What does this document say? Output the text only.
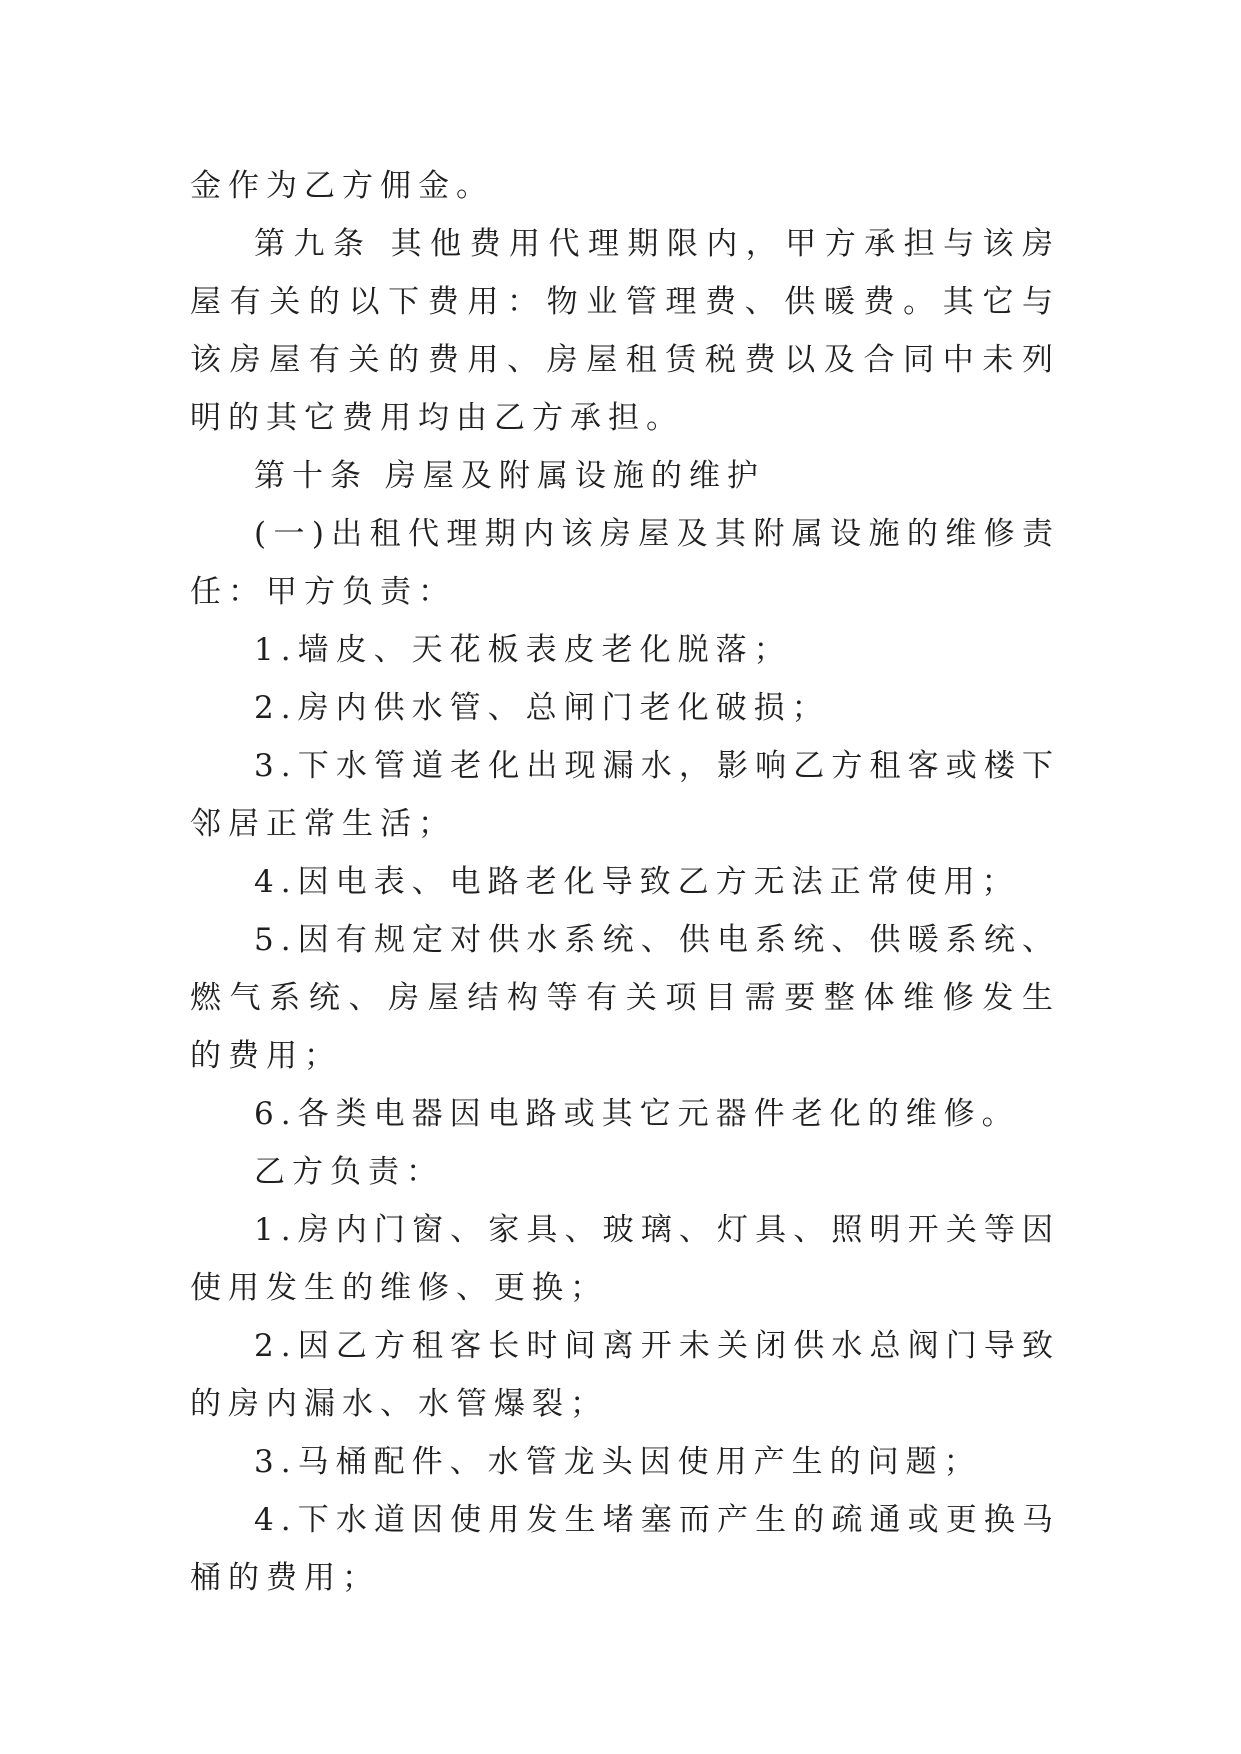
金作为乙方佣金。

第九条 其他费用代理期限内，甲方承担与该房屋有关的以下费用：物业管理费、供暖费。其它与该房屋有关的费用、房屋租赁税费以及合同中未列明的其它费用均由乙方承担。

第十条 房屋及附属设施的维护

(一)出租代理期内该房屋及其附属设施的维修责任：甲方负责：

1.墙皮、天花板表皮老化脱落；

2.房内供水管、总闸门老化破损；

3.下水管道老化出现漏水，影响乙方租客或楼下邻居正常生活；

4.因电表、电路老化导致乙方无法正常使用；

5.因有规定对供水系统、供电系统、供暖系统、燃气系统、房屋结构等有关项目需要整体维修发生的费用；

6.各类电器因电路或其它元器件老化的维修。

乙方负责：

1.房内门窗、家具、玻璃、灯具、照明开关等因使用发生的维修、更换；

2.因乙方租客长时间离开未关闭供水总阀门导致的房内漏水、水管爆裂；

3.马桶配件、水管龙头因使用产生的问题；

4.下水道因使用发生堵塞而产生的疏通或更换马桶的费用；
